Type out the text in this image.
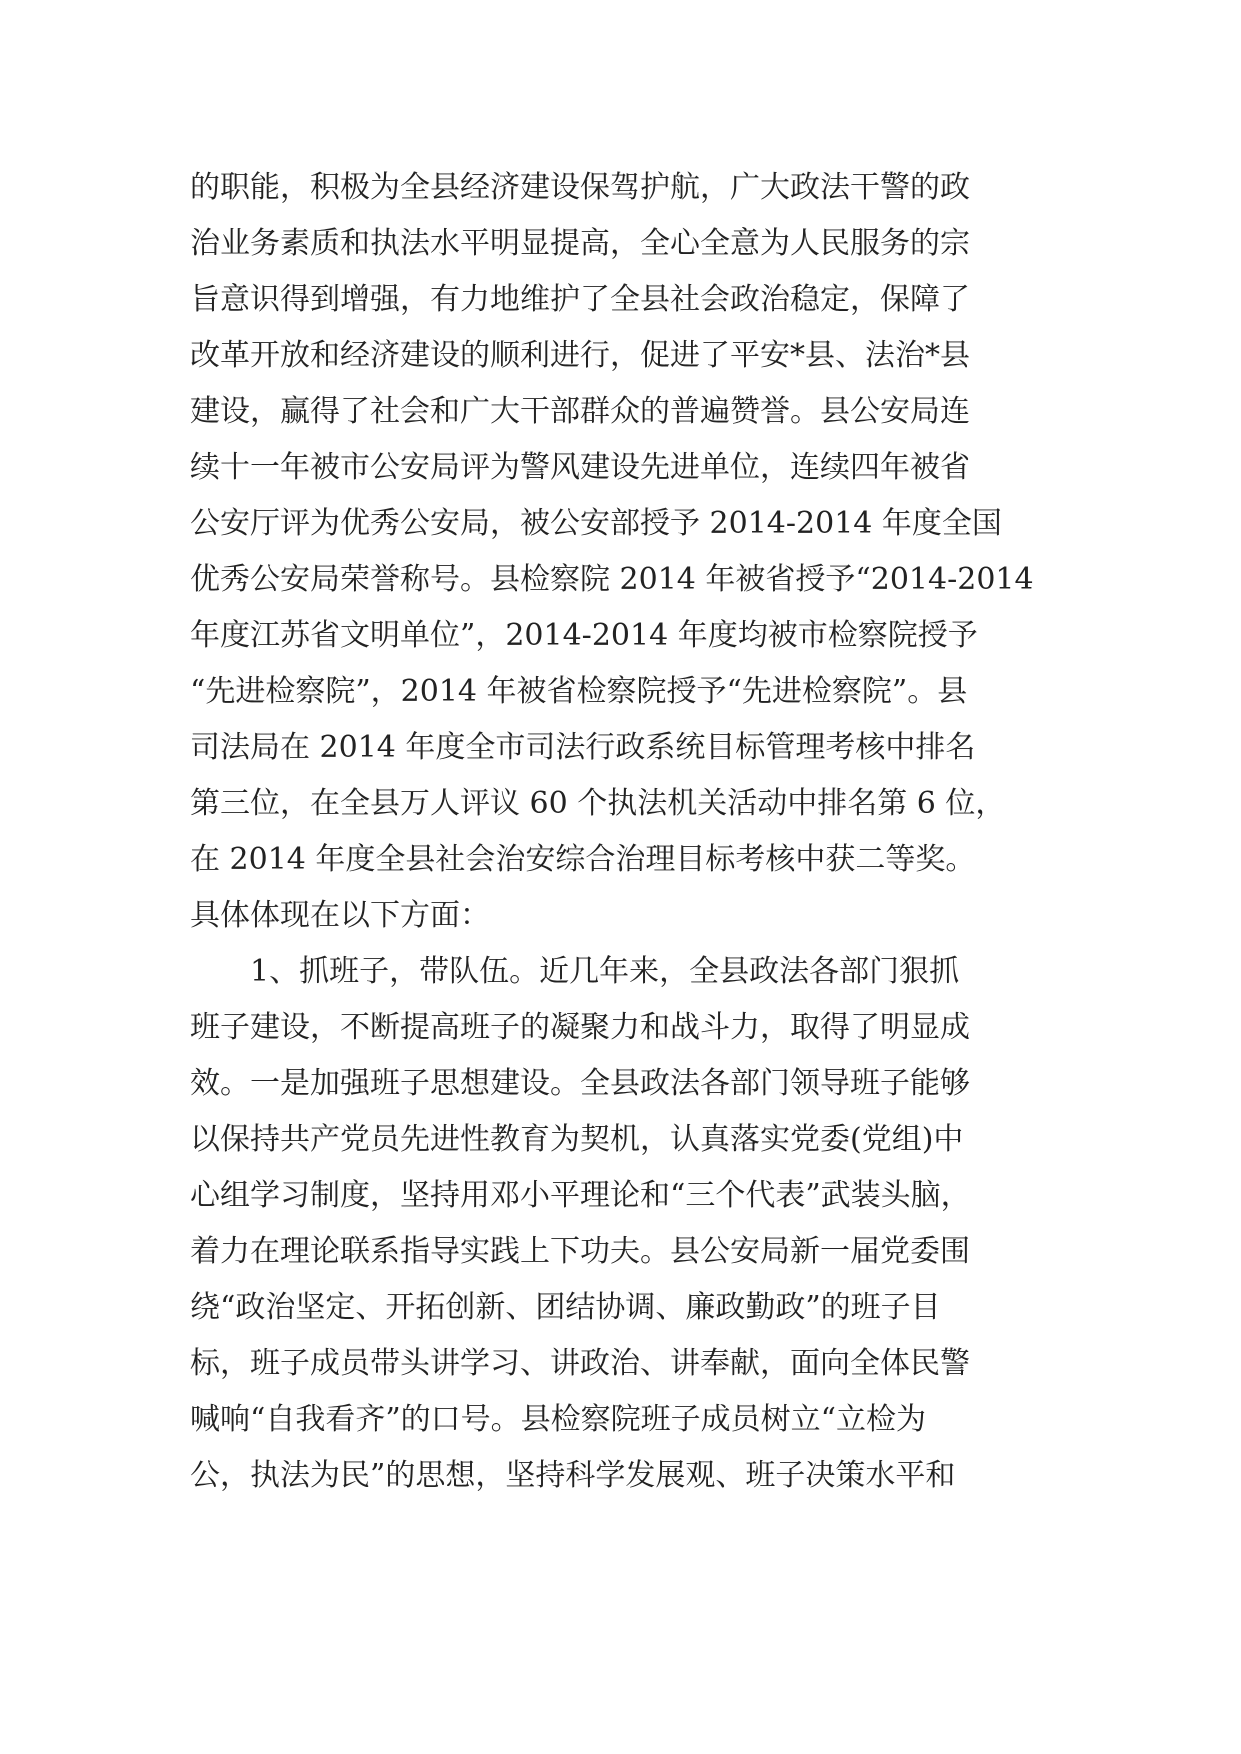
的职能，积极为全县经济建设保驾护航，广大政法干警的政
治业务素质和执法水平明显提高，全心全意为人民服务的宗
旨意识得到增强，有力地维护了全县社会政治稳定，保障了
改革开放和经济建设的顺利进行，促进了平安*县、法治*县
建设，赢得了社会和广大干部群众的普遍赞誉。县公安局连
续十一年被市公安局评为警风建设先进单位，连续四年被省
公安厅评为优秀公安局，被公安部授予 2014-2014 年度全国
优秀公安局荣誉称号。县检察院 2014 年被省授予“2014-2014
年度江苏省文明单位”，2014-2014 年度均被市检察院授予
“先进检察院”，2014 年被省检察院授予“先进检察院”。县
司法局在 2014 年度全市司法行政系统目标管理考核中排名
第三位，在全县万人评议 60 个执法机关活动中排名第 6 位，
在 2014 年度全县社会治安综合治理目标考核中获二等奖。
具体体现在以下方面：
1、抓班子，带队伍。近几年来，全县政法各部门狠抓
班子建设，不断提高班子的凝聚力和战斗力，取得了明显成
效。一是加强班子思想建设。全县政法各部门领导班子能够
以保持共产党员先进性教育为契机，认真落实党委(党组)中
心组学习制度，坚持用邓小平理论和“三个代表”武装头脑，
着力在理论联系指导实践上下功夫。县公安局新一届党委围
绕“政治坚定、开拓创新、团结协调、廉政勤政”的班子目
标，班子成员带头讲学习、讲政治、讲奉献，面向全体民警
喊响“自我看齐”的口号。县检察院班子成员树立“立检为
公，执法为民”的思想，坚持科学发展观、班子决策水平和
